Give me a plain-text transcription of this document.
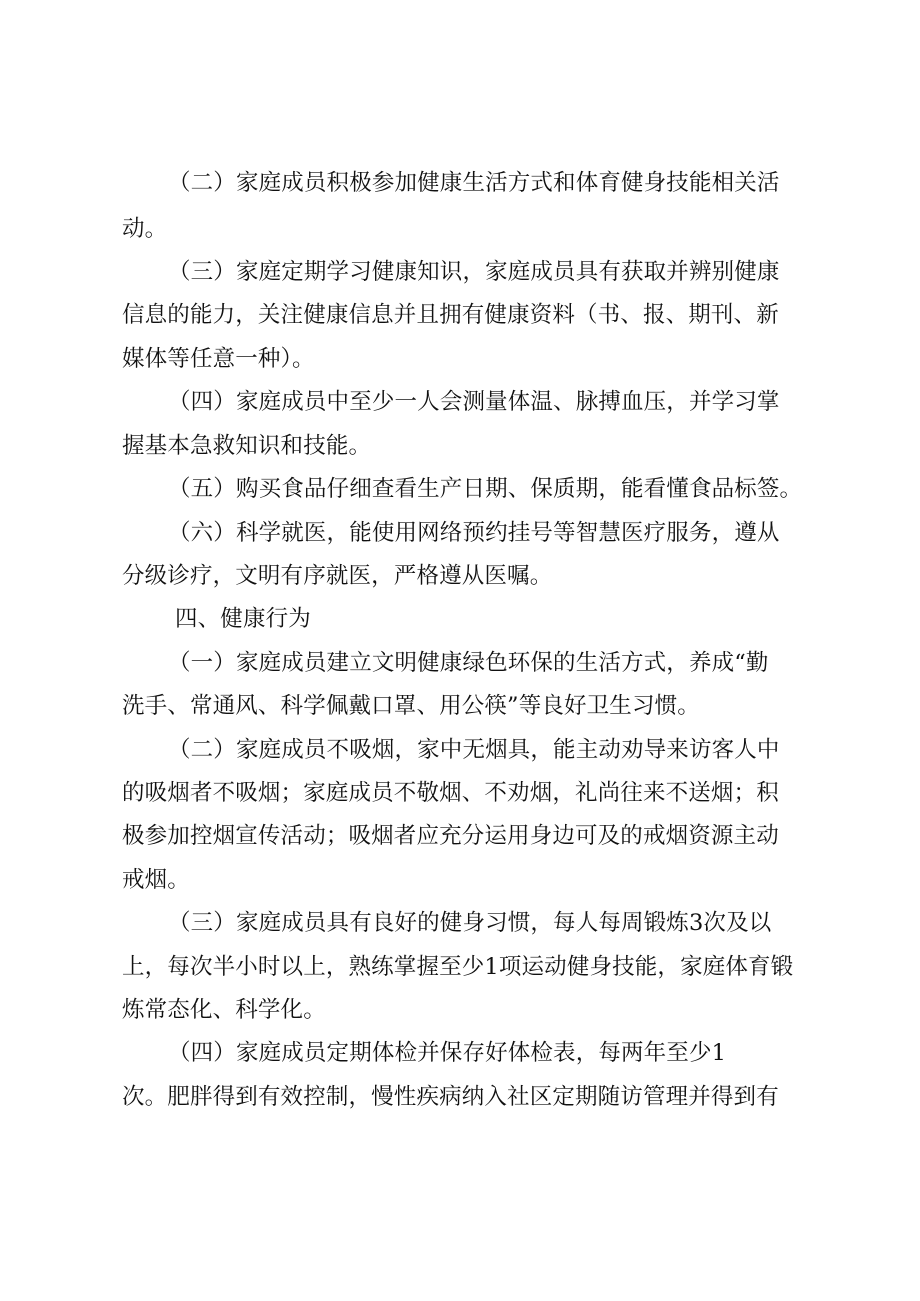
（二）家庭成员积极参加健康生活方式和体育健身技能相关活
动。
（三）家庭定期学习健康知识，家庭成员具有获取并辨别健康
信息的能力，关注健康信息并且拥有健康资料（书、报、期刊、新
媒体等任意一种）。
（四）家庭成员中至少一人会测量体温、脉搏血压，并学习掌
握基本急救知识和技能。
（五）购买食品仔细查看生产日期、保质期，能看懂食品标签。
（六）科学就医，能使用网络预约挂号等智慧医疗服务，遵从
分级诊疗，文明有序就医，严格遵从医嘱。
四、健康行为
（一）家庭成员建立文明健康绿色环保的生活方式，养成“勤
洗手、常通风、科学佩戴口罩、用公筷”等良好卫生习惯。
（二）家庭成员不吸烟，家中无烟具，能主动劝导来访客人中
的吸烟者不吸烟；家庭成员不敬烟、不劝烟，礼尚往来不送烟；积
极参加控烟宣传活动；吸烟者应充分运用身边可及的戒烟资源主动
戒烟。
（三）家庭成员具有良好的健身习惯，每人每周锻炼3次及以
上，每次半小时以上，熟练掌握至少1项运动健身技能，家庭体育锻
炼常态化、科学化。
（四）家庭成员定期体检并保存好体检表，每两年至少1
次。肥胖得到有效控制，慢性疾病纳入社区定期随访管理并得到有
